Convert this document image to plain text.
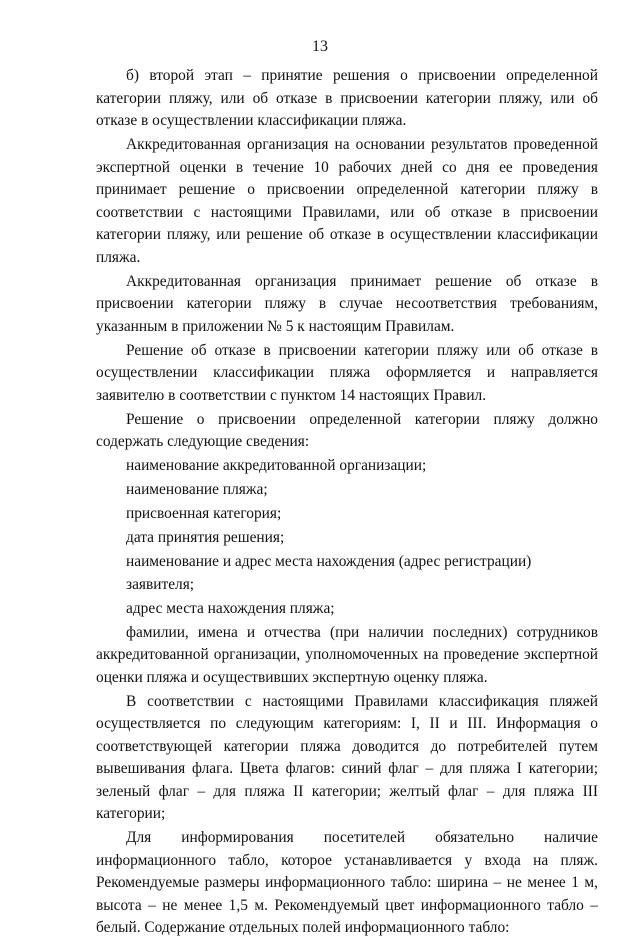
13

б) второй этап – принятие решения о присвоении определенной категории пляжу, или об отказе в присвоении категории пляжу, или об отказе в осуществлении классификации пляжа.

Аккредитованная организация на основании результатов проведенной экспертной оценки в течение 10 рабочих дней со дня ее проведения принимает решение о присвоении определенной категории пляжу в соответствии с настоящими Правилами, или об отказе в присвоении категории пляжу, или решение об отказе в осуществлении классификации пляжа.

Аккредитованная организация принимает решение об отказе в присвоении категории пляжу в случае несоответствия требованиям, указанным в приложении № 5 к настоящим Правилам.

Решение об отказе в присвоении категории пляжу или об отказе в осуществлении классификации пляжа оформляется и направляется заявителю в соответствии с пунктом 14 настоящих Правил.

Решение о присвоении определенной категории пляжу должно содержать следующие сведения:

наименование аккредитованной организации;

наименование пляжа;

присвоенная категория;

дата принятия решения;

наименование и адрес места нахождения (адрес регистрации) заявителя;

адрес места нахождения пляжа;

фамилии, имена и отчества (при наличии последних) сотрудников аккредитованной организации, уполномоченных на проведение экспертной оценки пляжа и осуществивших экспертную оценку пляжа.

В соответствии с настоящими Правилами классификация пляжей осуществляется по следующим категориям: I, II и III. Информация о соответствующей категории пляжа доводится до потребителей путем вывешивания флага. Цвета флагов: синий флаг – для пляжа I категории; зеленый флаг – для пляжа II категории; желтый флаг – для пляжа III категории;

Для информирования посетителей обязательно наличие информационного табло, которое устанавливается у входа на пляж. Рекомендуемые размеры информационного табло: ширина – не менее 1 м, высота – не менее 1,5 м. Рекомендуемый цвет информационного табло – белый. Содержание отдельных полей информационного табло:
